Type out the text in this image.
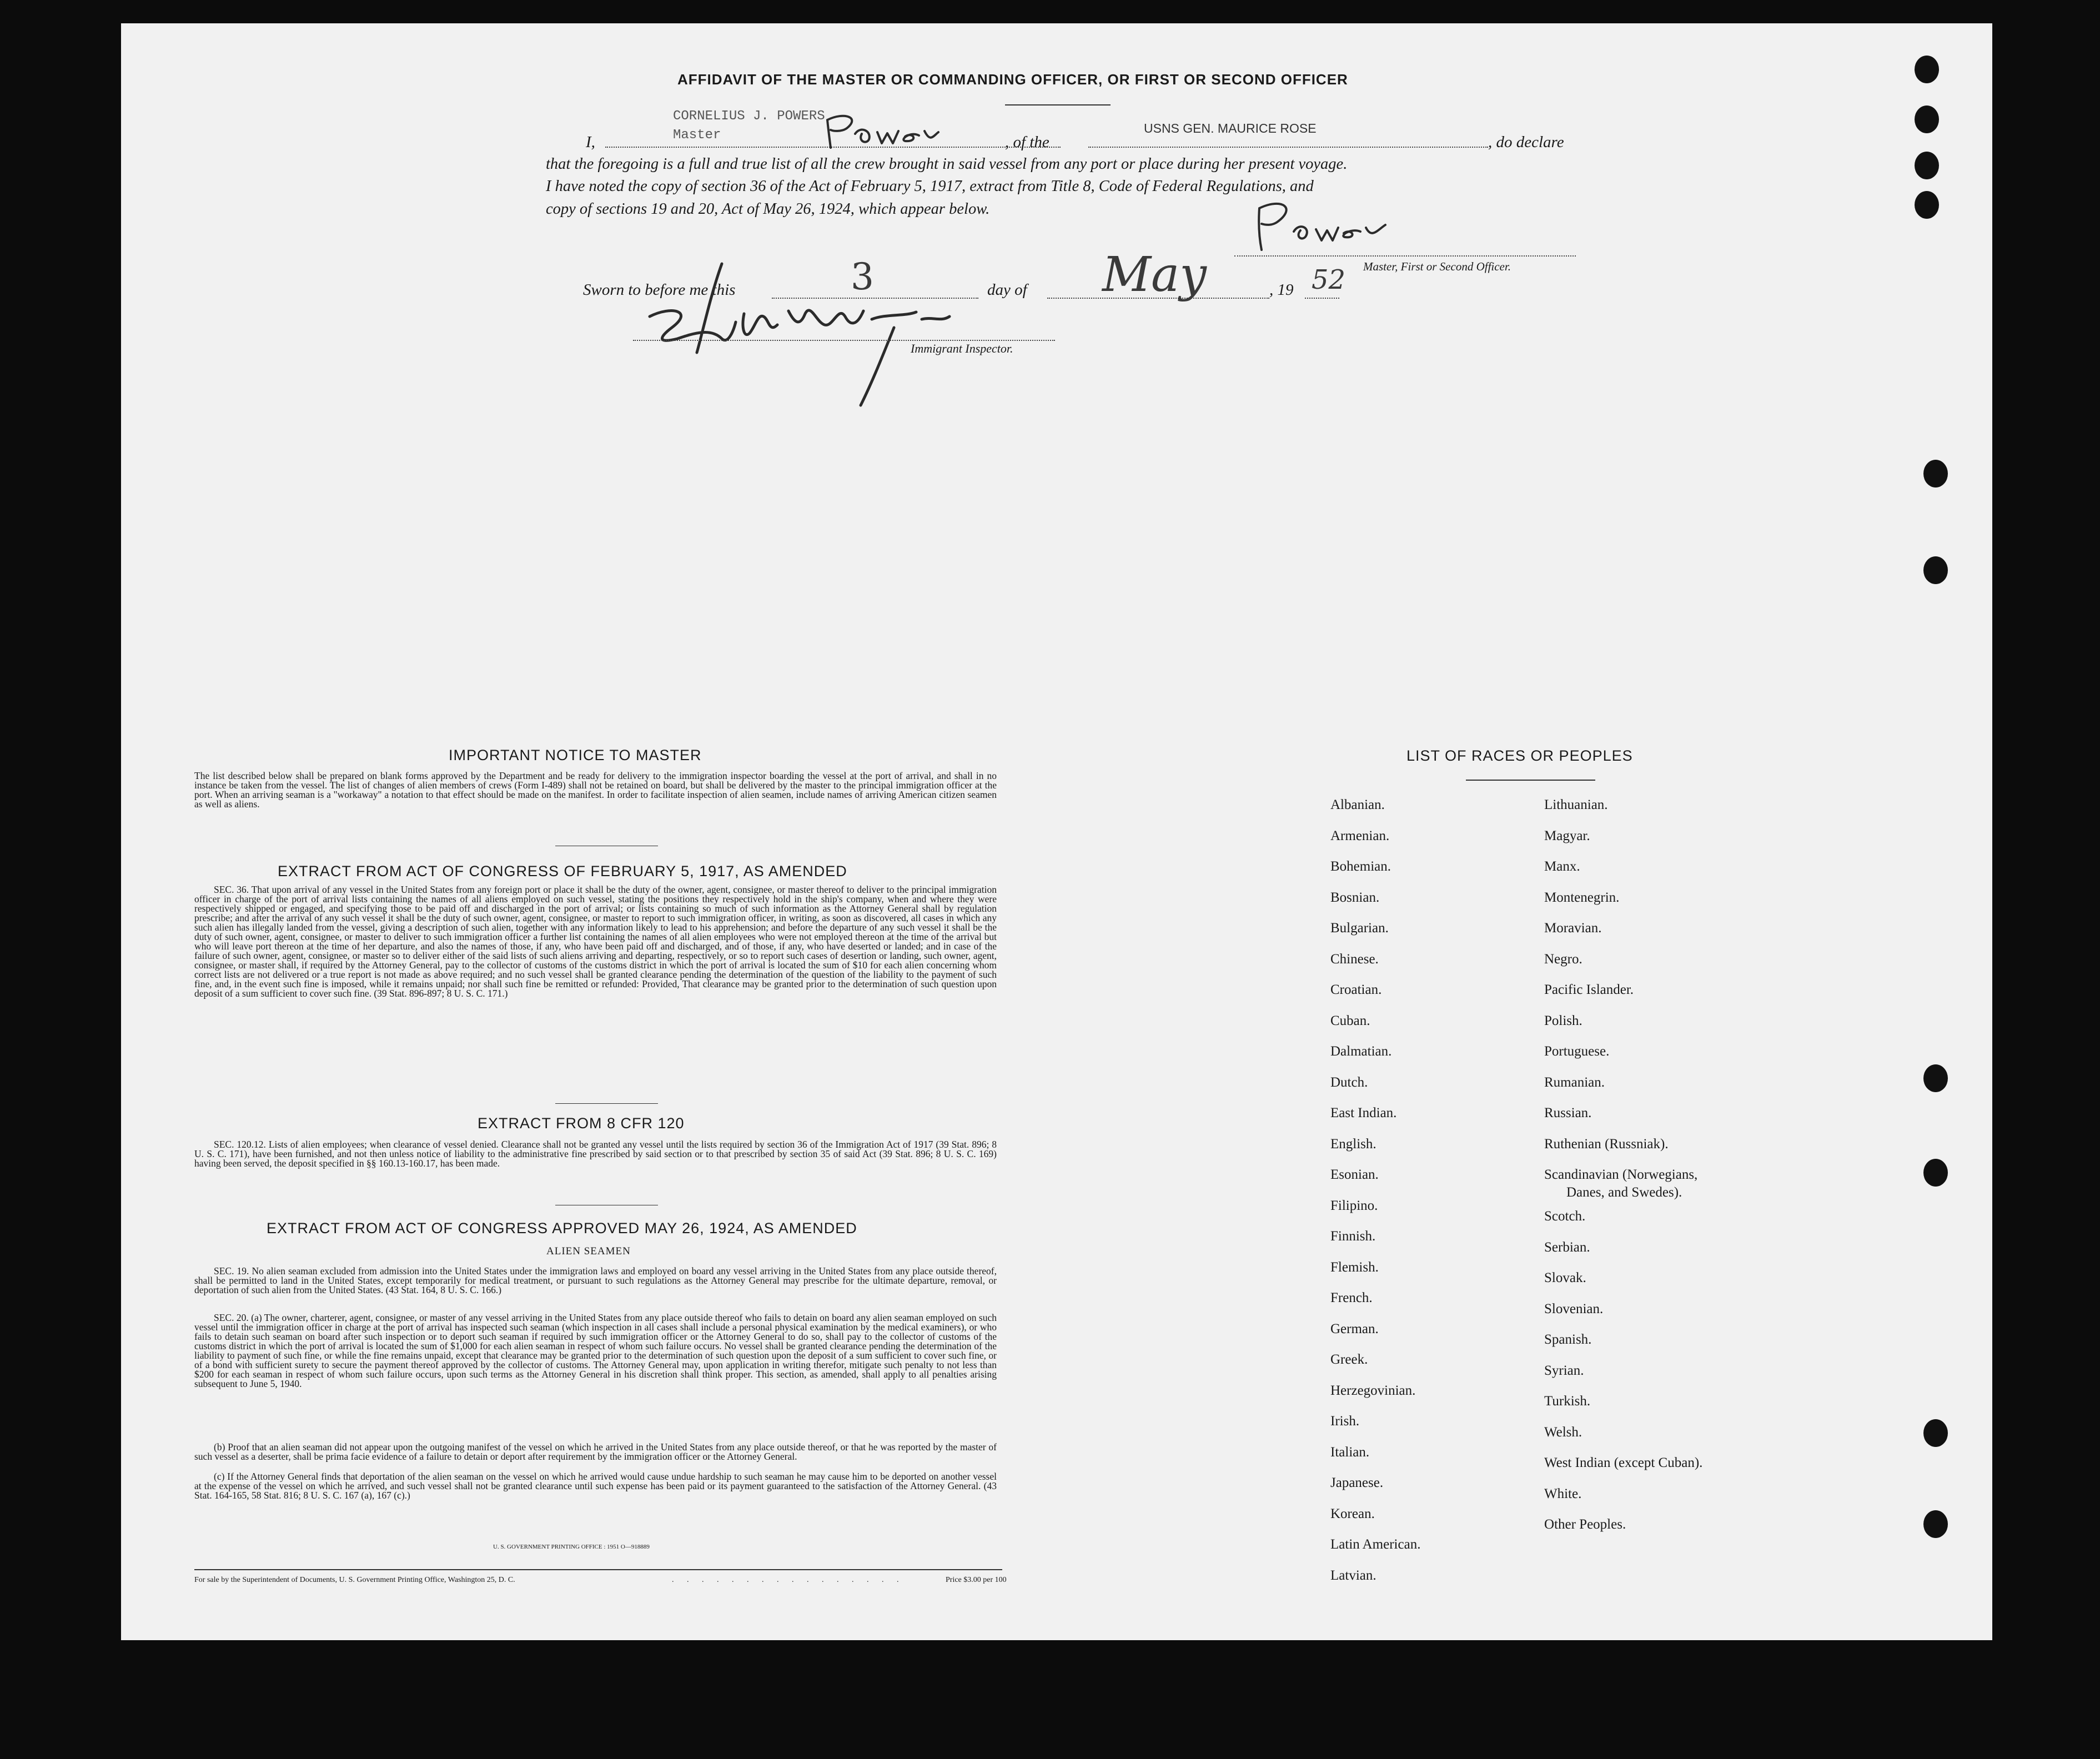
AFFIDAVIT OF THE MASTER OR COMMANDING OFFICER, OR FIRST OR SECOND OFFICER
I,
CORNELIUS J. POWERS
Master	, of the
USNS GEN. MAURICE ROSE
, do declare
that the foregoing is a full and true list of all the crew brought in said vessel from any port or place during her present voyage.
I have noted the copy of section 36 of the Act of February 5, 1917, extract from Title 8, Code of Federal Regulations, and
copy of sections 19 and 20, Act of May 26, 1924, which appear below.
Master, First or Second Officer.
Sworn to before me this	3	day of May	, 19 52
Immigrant Inspector.
IMPORTANT NOTICE TO MASTER
The list described below shall be prepared on blank forms approved by the Department and be ready for delivery to the immigration inspector boarding the vessel at the port of arrival, and shall in no instance be taken from the vessel. The list of changes of alien members of crews (Form I-489) shall not be retained on board, but shall be delivered by the master to the principal immigration officer at the port. When an arriving seaman is a "workaway" a notation to that effect should be made on the manifest. In order to facilitate inspection of alien seamen, include names of arriving American citizen seamen as well as aliens.
EXTRACT FROM ACT OF CONGRESS OF FEBRUARY 5, 1917, AS AMENDED
SEC. 36. That upon arrival of any vessel in the United States from any foreign port or place it shall be the duty of the owner, agent, consignee, or master thereof to deliver to the principal immigration officer in charge of the port of arrival lists containing the names of all aliens employed on such vessel, stating the positions they respectively hold in the ship's company, when and where they were respectively shipped or engaged, and specifying those to be paid off and discharged in the port of arrival; or lists containing so much of such information as the Attorney General shall by regulation prescribe; and after the arrival of any such vessel it shall be the duty of such owner, agent, consignee, or master to report to such immigration officer, in writing, as soon as discovered, all cases in which any such alien has illegally landed from the vessel, giving a description of such alien, together with any information likely to lead to his apprehension; and before the departure of any such vessel it shall be the duty of such owner, agent, consignee, or master to deliver to such immigration officer a further list containing the names of all alien employees who were not employed thereon at the time of the arrival but who will leave port thereon at the time of her departure, and also the names of those, if any, who have been paid off and discharged, and of those, if any, who have deserted or landed; and in case of the failure of such owner, agent, consignee, or master so to deliver either of the said lists of such aliens arriving and departing, respectively, or so to report such cases of desertion or landing, such owner, agent, consignee, or master shall, if required by the Attorney General, pay to the collector of customs of the customs district in which the port of arrival is located the sum of $10 for each alien concerning whom correct lists are not delivered or a true report is not made as above required; and no such vessel shall be granted clearance pending the determination of the question of the liability to the payment of such fine, and, in the event such fine is imposed, while it remains unpaid; nor shall such fine be remitted or refunded: Provided, That clearance may be granted prior to the determination of such question upon deposit of a sum sufficient to cover such fine. (39 Stat. 896-897; 8 U. S. C. 171.)
EXTRACT FROM 8 CFR 120
SEC. 120.12. Lists of alien employees; when clearance of vessel denied. Clearance shall not be granted any vessel until the lists required by section 36 of the Immigration Act of 1917 (39 Stat. 896; 8 U. S. C. 171), have been furnished, and not then unless notice of liability to the administrative fine prescribed by said section or to that prescribed by section 35 of said Act (39 Stat. 896; 8 U. S. C. 169) having been served, the deposit specified in §§ 160.13-160.17, has been made.
EXTRACT FROM ACT OF CONGRESS APPROVED MAY 26, 1924, AS AMENDED
ALIEN SEAMEN
SEC. 19. No alien seaman excluded from admission into the United States under the immigration laws and employed on board any vessel arriving in the United States from any place outside thereof, shall be permitted to land in the United States, except temporarily for medical treatment, or pursuant to such regulations as the Attorney General may prescribe for the ultimate departure, removal, or deportation of such alien from the United States. (43 Stat. 164, 8 U. S. C. 166.)
SEC. 20. (a) The owner, charterer, agent, consignee, or master of any vessel arriving in the United States from any place outside thereof who fails to detain on board any alien seaman employed on such vessel until the immigration officer in charge at the port of arrival has inspected such seaman (which inspection in all cases shall include a personal physical examination by the medical examiners), or who fails to detain such seaman on board after such inspection or to deport such seaman if required by such immigration officer or the Attorney General to do so, shall pay to the collector of customs of the customs district in which the port of arrival is located the sum of $1,000 for each alien seaman in respect of whom such failure occurs. No vessel shall be granted clearance pending the determination of the liability to payment of such fine, or while the fine remains unpaid, except that clearance may be granted prior to the determination of such question upon the deposit of a sum sufficient to cover such fine, or of a bond with sufficient surety to secure the payment thereof approved by the collector of customs. The Attorney General may, upon application in writing therefor, mitigate such penalty to not less than $200 for each seaman in respect of whom such failure occurs, upon such terms as the Attorney General in his discretion shall think proper. This section, as amended, shall apply to all penalties arising subsequent to June 5, 1940.
(b) Proof that an alien seaman did not appear upon the outgoing manifest of the vessel on which he arrived in the United States from any place outside thereof, or that he was reported by the master of such vessel as a deserter, shall be prima facie evidence of a failure to detain or deport after requirement by the immigration officer or the Attorney General.
(c) If the Attorney General finds that deportation of the alien seaman on the vessel on which he arrived would cause undue hardship to such seaman he may cause him to be deported on another vessel at the expense of the vessel on which he arrived, and such vessel shall not be granted clearance until such expense has been paid or its payment guaranteed to the satisfaction of the Attorney General. (43 Stat. 164-165, 58 Stat. 816; 8 U. S. C. 167 (a), 167 (c).)
U. S. GOVERNMENT PRINTING OFFICE : 1951 O—918889
For sale by the Superintendent of Documents, U. S. Government Printing Office, Washington 25, D. C.	. . . . . . . . . . . . . . . .	Price $3.00 per 100
LIST OF RACES OR PEOPLES
Albanian.
Armenian.
Bohemian.
Bosnian.
Bulgarian.
Chinese.
Croatian.
Cuban.
Dalmatian.
Dutch.
East Indian.
English.
Esonian.
Filipino.
Finnish.
Flemish.
French.
German.
Greek.
Herzegovinian.
Irish.
Italian.
Japanese.
Korean.
Latin American.
Latvian.
Lithuanian.
Magyar.
Manx.
Montenegrin.
Moravian.
Negro.
Pacific Islander.
Polish.
Portuguese.
Rumanian.
Russian.
Ruthenian (Russniak).
Scandinavian (Norwegians,
Danes, and Swedes).
Scotch.
Serbian.
Slovak.
Slovenian.
Spanish.
Syrian.
Turkish.
Welsh.
West Indian (except Cuban).
White.
Other Peoples.
